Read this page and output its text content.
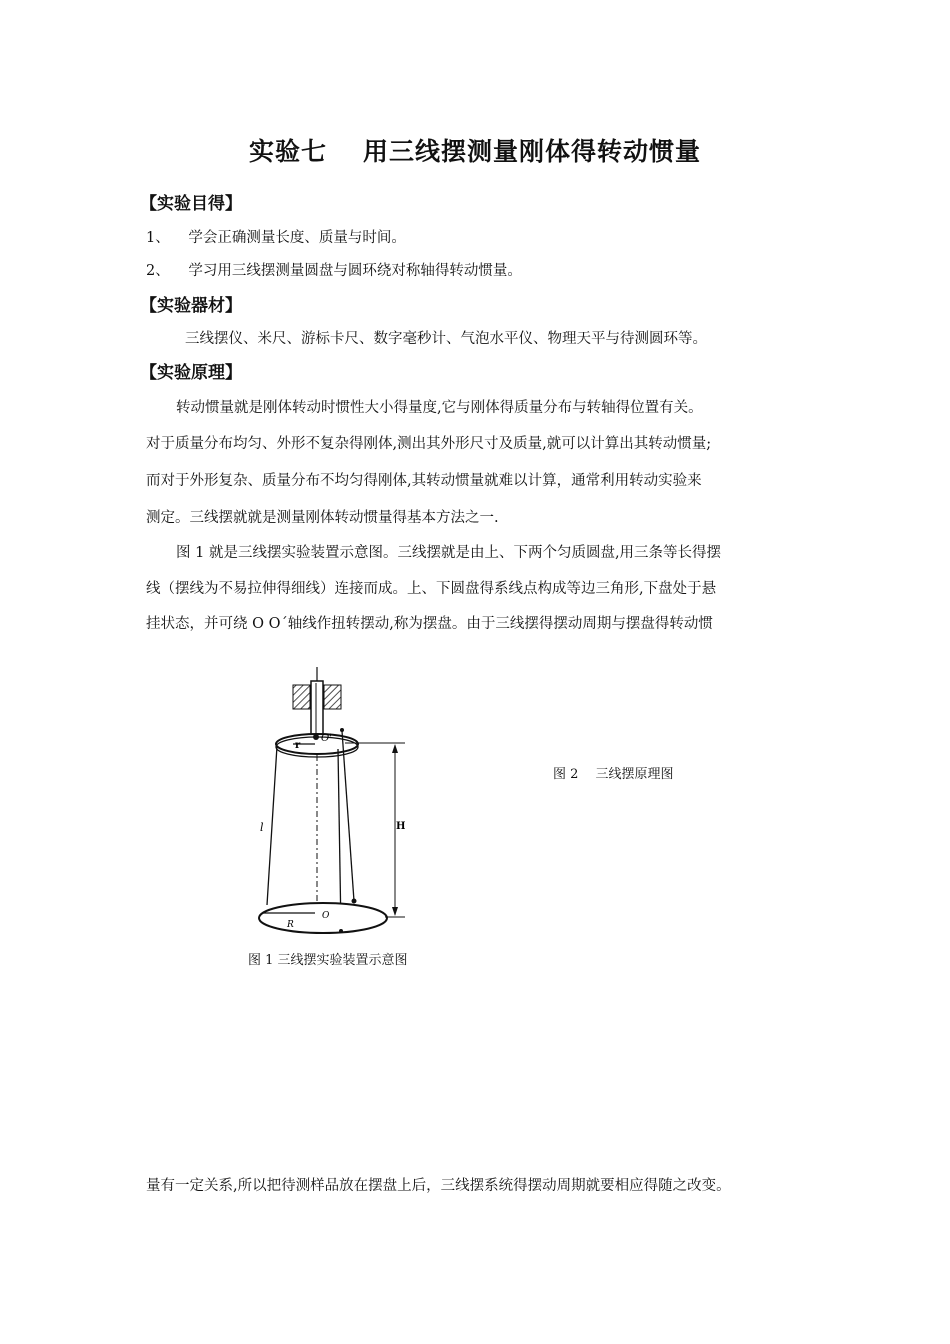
实验七 用三线摆测量刚体得转动惯量
【实验目得】
1、 学会正确测量长度、质量与时间。
2、 学习用三线摆测量圆盘与圆环绕对称轴得转动惯量。
【实验器材】
三线摆仪、米尺、游标卡尺、数字毫秒计、气泡水平仪、物理天平与待测圆环等。
【实验原理】
转动惯量就是刚体转动时惯性大小得量度,它与刚体得质量分布与转轴得位置有关。
对于质量分布均匀、外形不复杂得刚体,测出其外形尺寸及质量,就可以计算出其转动惯量;
而对于外形复杂、质量分布不均匀得刚体,其转动惯量就难以计算，通常利用转动实验来
测定。三线摆就就是测量刚体转动惯量得基本方法之一.
图 1 就是三线摆实验装置示意图。三线摆就是由上、下两个匀质圆盘,用三条等长得摆
线（摆线为不易拉伸得细线）连接而成。上、下圆盘得系线点构成等边三角形,下盘处于悬
挂状态，并可绕 O O΄轴线作扭转摆动,称为摆盘。由于三线摆得摆动周期与摆盘得转动惯
r
O'
l	H
R
O
图 1 三线摆实验装置示意图
图 2　 三线摆原理图
量有一定关系,所以把待测样品放在摆盘上后，三线摆系统得摆动周期就要相应得随之改变。
